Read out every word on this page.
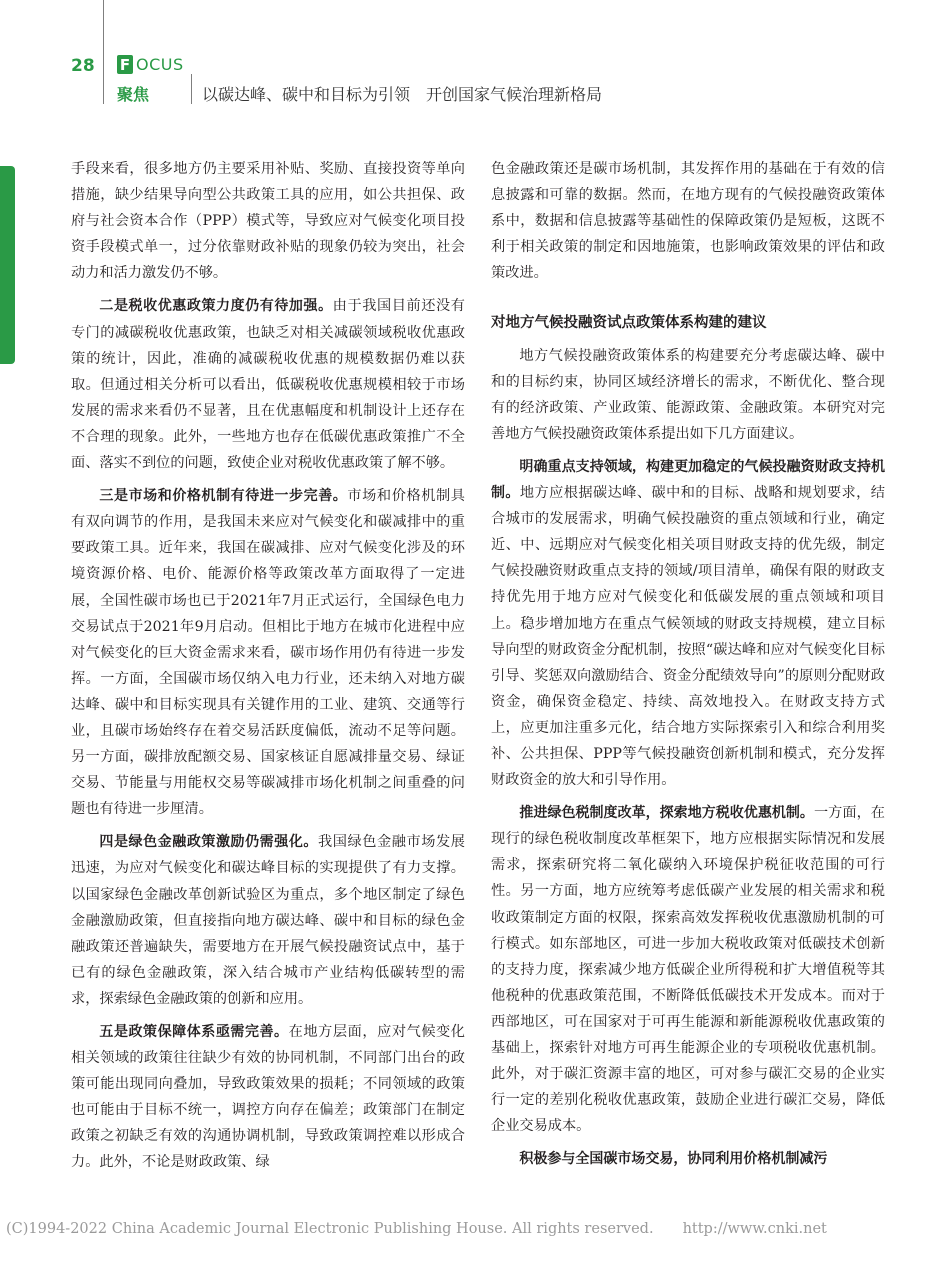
28 F OCUS
聚焦	以碳达峰、碳中和目标为引领　开创国家气候治理新格局

手段来看，很多地方仍主要采用补贴、奖励、直接投资等单向措施，缺少结果导向型公共政策工具的应用，如公共担保、政府与社会资本合作（PPP）模式等，导致应对气候变化项目投资手段模式单一，过分依靠财政补贴的现象仍较为突出，社会动力和活力激发仍不够。

二是税收优惠政策力度仍有待加强。由于我国目前还没有专门的减碳税收优惠政策，也缺乏对相关减碳领域税收优惠政策的统计，因此，准确的减碳税收优惠的规模数据仍难以获取。但通过相关分析可以看出，低碳税收优惠规模相较于市场发展的需求来看仍不显著，且在优惠幅度和机制设计上还存在不合理的现象。此外，一些地方也存在低碳优惠政策推广不全面、落实不到位的问题，致使企业对税收优惠政策了解不够。

三是市场和价格机制有待进一步完善。市场和价格机制具有双向调节的作用，是我国未来应对气候变化和碳减排中的重要政策工具。近年来，我国在碳减排、应对气候变化涉及的环境资源价格、电价、能源价格等政策改革方面取得了一定进展，全国性碳市场也已于2021年7月正式运行，全国绿色电力交易试点于2021年9月启动。但相比于地方在城市化进程中应对气候变化的巨大资金需求来看，碳市场作用仍有待进一步发挥。一方面，全国碳市场仅纳入电力行业，还未纳入对地方碳达峰、碳中和目标实现具有关键作用的工业、建筑、交通等行业，且碳市场始终存在着交易活跃度偏低，流动不足等问题。另一方面，碳排放配额交易、国家核证自愿减排量交易、绿证交易、节能量与用能权交易等碳减排市场化机制之间重叠的问题也有待进一步厘清。

四是绿色金融政策激励仍需强化。我国绿色金融市场发展迅速，为应对气候变化和碳达峰目标的实现提供了有力支撑。以国家绿色金融改革创新试验区为重点，多个地区制定了绿色金融激励政策，但直接指向地方碳达峰、碳中和目标的绿色金融政策还普遍缺失，需要地方在开展气候投融资试点中，基于已有的绿色金融政策，深入结合城市产业结构低碳转型的需求，探索绿色金融政策的创新和应用。

五是政策保障体系亟需完善。在地方层面，应对气候变化相关领域的政策往往缺少有效的协同机制，不同部门出台的政策可能出现同向叠加，导致政策效果的损耗；不同领域的政策也可能由于目标不统一，调控方向存在偏差；政策部门在制定政策之初缺乏有效的沟通协调机制，导致政策调控难以形成合力。此外，不论是财政政策、绿

色金融政策还是碳市场机制，其发挥作用的基础在于有效的信息披露和可靠的数据。然而，在地方现有的气候投融资政策体系中，数据和信息披露等基础性的保障政策仍是短板，这既不利于相关政策的制定和因地施策，也影响政策效果的评估和政策改进。

对地方气候投融资试点政策体系构建的建议

地方气候投融资政策体系的构建要充分考虑碳达峰、碳中和的目标约束，协同区域经济增长的需求，不断优化、整合现有的经济政策、产业政策、能源政策、金融政策。本研究对完善地方气候投融资政策体系提出如下几方面建议。

明确重点支持领域，构建更加稳定的气候投融资财政支持机制。地方应根据碳达峰、碳中和的目标、战略和规划要求，结合城市的发展需求，明确气候投融资的重点领域和行业，确定近、中、远期应对气候变化相关项目财政支持的优先级，制定气候投融资财政重点支持的领域/项目清单，确保有限的财政支持优先用于地方应对气候变化和低碳发展的重点领域和项目上。稳步增加地方在重点气候领域的财政支持规模，建立目标导向型的财政资金分配机制，按照“碳达峰和应对气候变化目标引导、奖惩双向激励结合、资金分配绩效导向”的原则分配财政资金，确保资金稳定、持续、高效地投入。在财政支持方式上，应更加注重多元化，结合地方实际探索引入和综合利用奖补、公共担保、PPP等气候投融资创新机制和模式，充分发挥财政资金的放大和引导作用。

推进绿色税制度改革，探索地方税收优惠机制。一方面，在现行的绿色税收制度改革框架下，地方应根据实际情况和发展需求，探索研究将二氧化碳纳入环境保护税征收范围的可行性。另一方面，地方应统筹考虑低碳产业发展的相关需求和税收政策制定方面的权限，探索高效发挥税收优惠激励机制的可行模式。如东部地区，可进一步加大税收政策对低碳技术创新的支持力度，探索减少地方低碳企业所得税和扩大增值税等其他税种的优惠政策范围，不断降低低碳技术开发成本。而对于西部地区，可在国家对于可再生能源和新能源税收优惠政策的基础上，探索针对地方可再生能源企业的专项税收优惠机制。此外，对于碳汇资源丰富的地区，可对参与碳汇交易的企业实行一定的差别化税收优惠政策，鼓励企业进行碳汇交易，降低企业交易成本。

积极参与全国碳市场交易，协同利用价格机制减污

(C)1994-2022 China Academic Journal Electronic Publishing House. All rights reserved.　　http://www.cnki.net
